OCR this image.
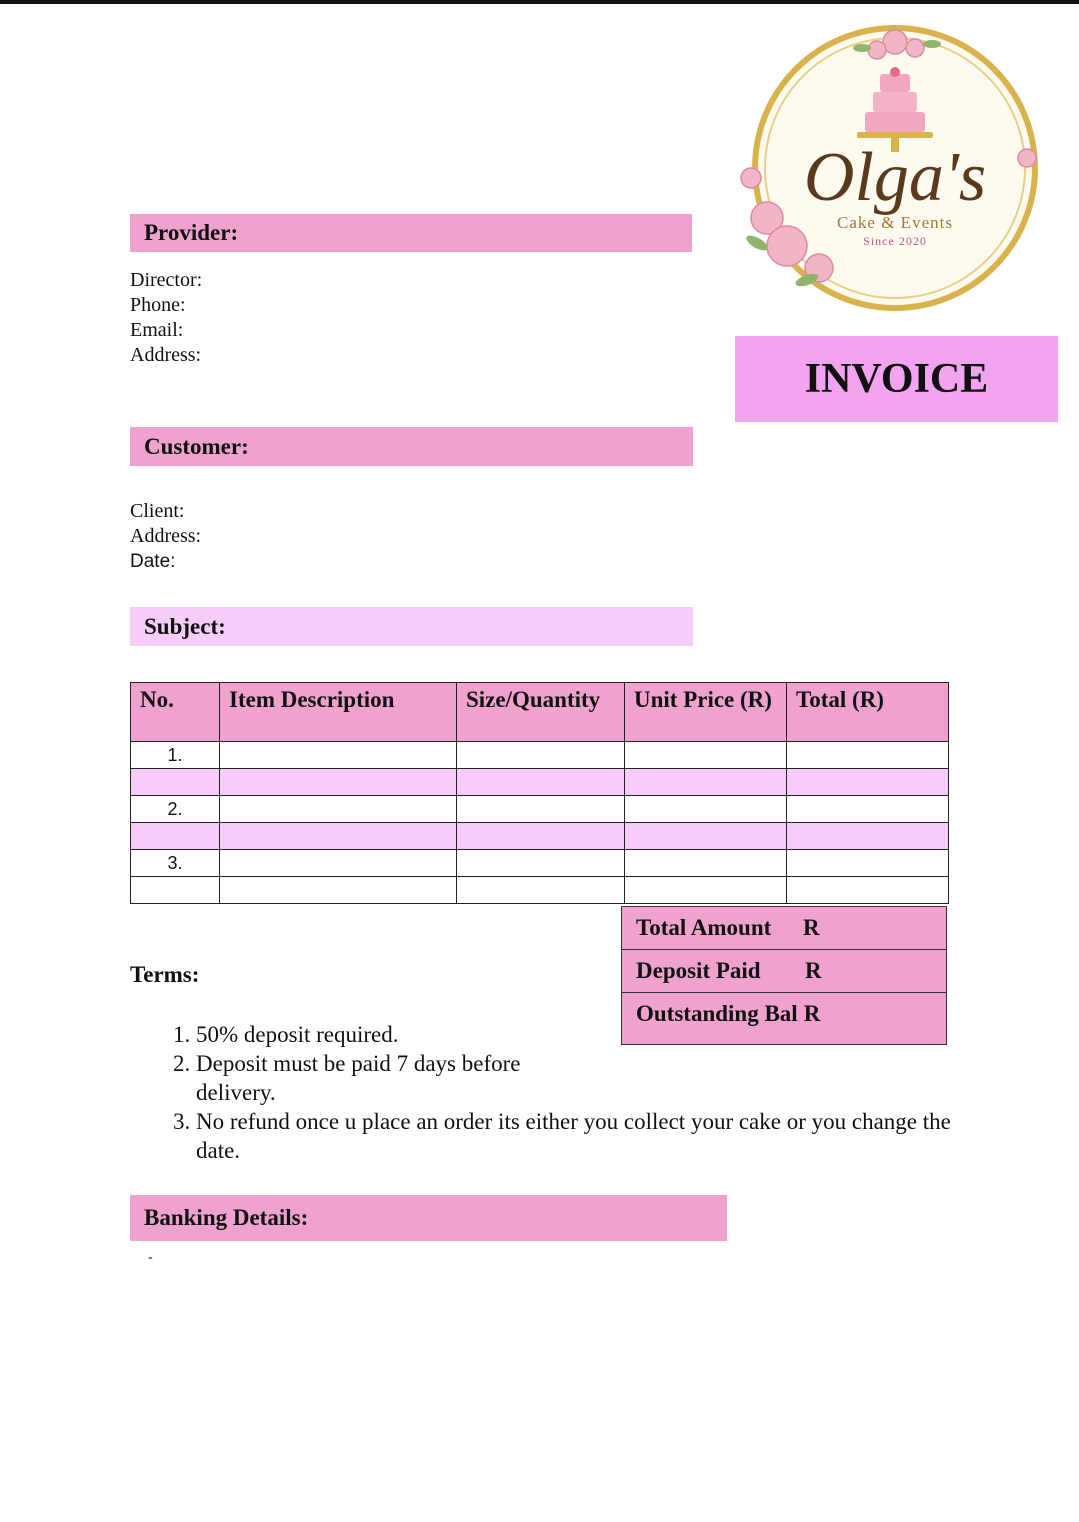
Olga's
Cake & Events
Since 2020
Provider:
Director:
Phone:
Email:
Address:
INVOICE
Customer:
Client:
Address:
Date:
Subject:
No.	Item Description	Size/Quantity	Unit Price (R)	Total (R)
1.				

2.				

3.				

Total Amount	R
Deposit Paid	R
Outstanding Bal R
Terms:
1. 50% deposit required.
2. Deposit must be paid 7 days before delivery.
3. No refund once u place an order its either you collect your cake or you change the date.
Banking Details:
-
